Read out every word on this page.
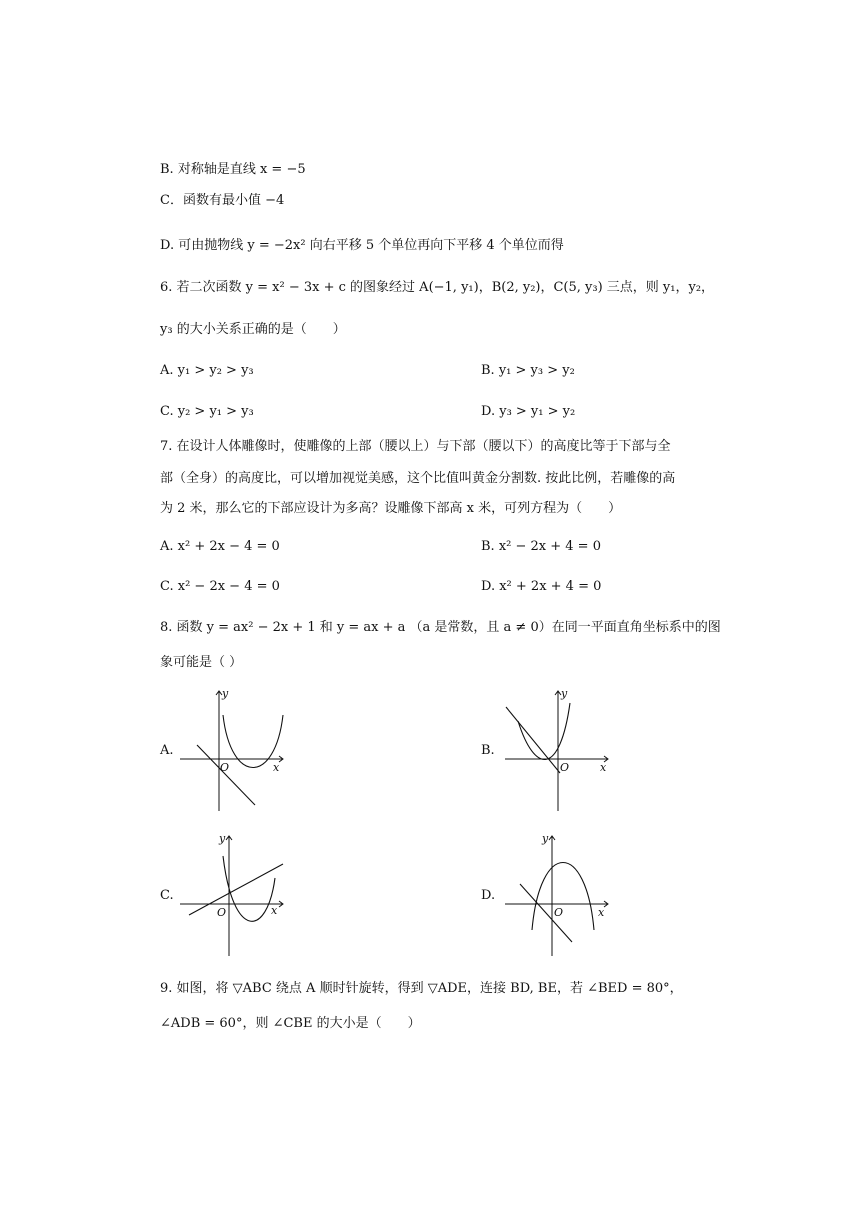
B. 对称轴是直线 x = −5
C．函数有最小值 −4
D. 可由抛物线 y = −2x² 向右平移 5 个单位再向下平移 4 个单位而得
6. 若二次函数 y = x² − 3x + c 的图象经过 A(−1, y₁)，B(2, y₂)，C(5, y₃) 三点，则 y₁，y₂，
y₃ 的大小关系正确的是（　　）
A. y₁ > y₂ > y₃	B. y₁ > y₃ > y₂
C. y₂ > y₁ > y₃	D. y₃ > y₁ > y₂
7. 在设计人体雕像时，使雕像的上部（腰以上）与下部（腰以下）的高度比等于下部与全
部（全身）的高度比，可以增加视觉美感，这个比值叫黄金分割数. 按此比例，若雕像的高
为 2 米，那么它的下部应设计为多高？设雕像下部高 x 米，可列方程为（　　）
A. x² + 2x − 4 = 0	B. x² − 2x + 4 = 0
C. x² − 2x − 4 = 0	D. x² + 2x + 4 = 0
8. 函数 y = ax² − 2x + 1 和 y = ax + a （a 是常数，且 a ≠ 0）在同一平面直角坐标系中的图
象可能是（ ）
A.
y
x
O
B.
y
x
O
C.
y
x
O
D.
y
x
O
9. 如图，将 ▽ABC 绕点 A 顺时针旋转，得到 ▽ADE，连接 BD, BE，若 ∠BED = 80°，
∠ADB = 60°，则 ∠CBE 的大小是（　　）
